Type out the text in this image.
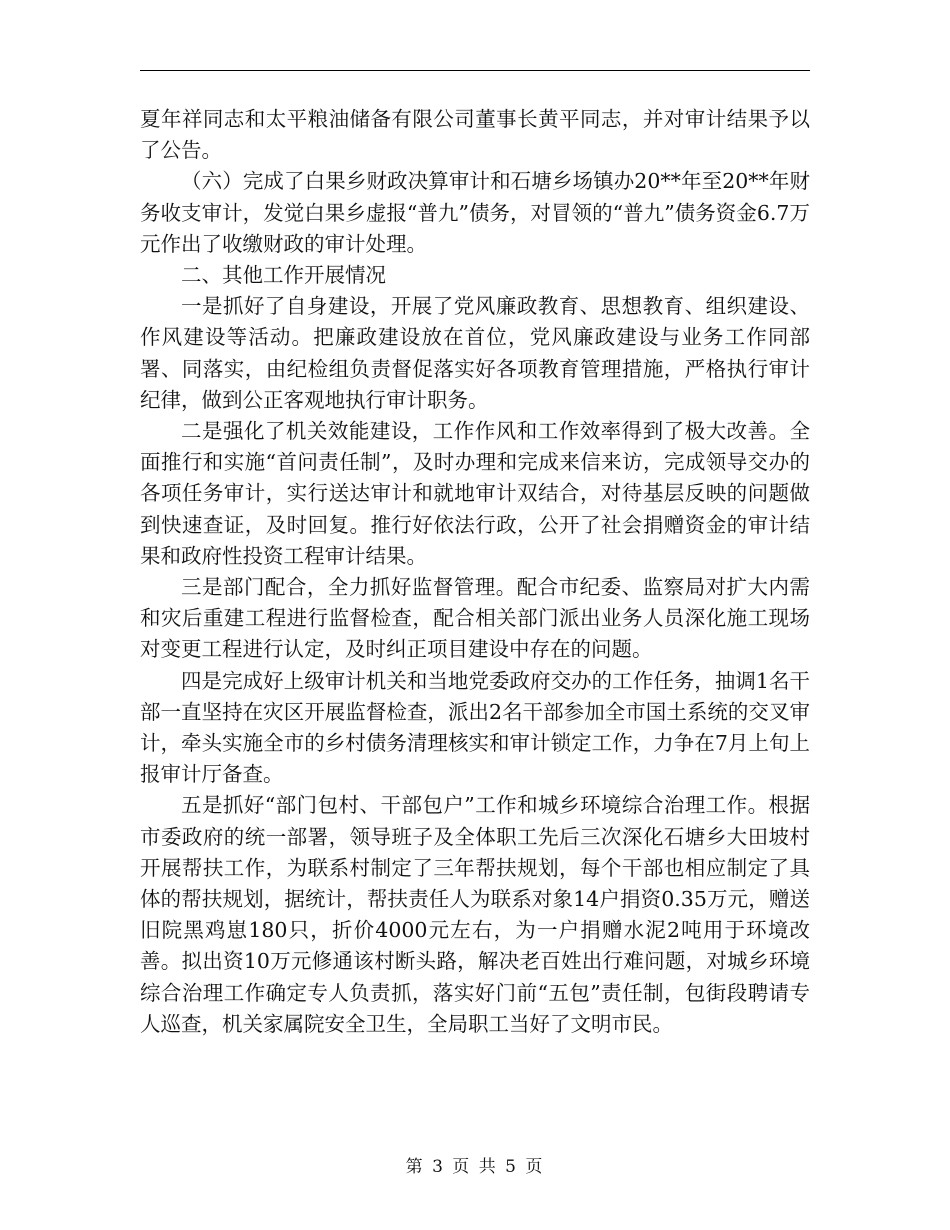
夏年祥同志和太平粮油储备有限公司董事长黄平同志，并对审计结果予以了公告。

（六）完成了白果乡财政决算审计和石塘乡场镇办20**年至20**年财务收支审计，发觉白果乡虚报“普九”债务，对冒领的“普九”债务资金6.7万元作出了收缴财政的审计处理。

二、其他工作开展情况

一是抓好了自身建设，开展了党风廉政教育、思想教育、组织建设、作风建设等活动。把廉政建设放在首位，党风廉政建设与业务工作同部署、同落实，由纪检组负责督促落实好各项教育管理措施，严格执行审计纪律，做到公正客观地执行审计职务。

二是强化了机关效能建设，工作作风和工作效率得到了极大改善。全面推行和实施“首问责任制”，及时办理和完成来信来访，完成领导交办的各项任务审计，实行送达审计和就地审计双结合，对待基层反映的问题做到快速查证，及时回复。推行好依法行政，公开了社会捐赠资金的审计结果和政府性投资工程审计结果。

三是部门配合，全力抓好监督管理。配合市纪委、监察局对扩大内需和灾后重建工程进行监督检查，配合相关部门派出业务人员深化施工现场对变更工程进行认定，及时纠正项目建设中存在的问题。

四是完成好上级审计机关和当地党委政府交办的工作任务，抽调1名干部一直坚持在灾区开展监督检查，派出2名干部参加全市国土系统的交叉审计，牵头实施全市的乡村债务清理核实和审计锁定工作，力争在7月上旬上报审计厅备查。

五是抓好“部门包村、干部包户”工作和城乡环境综合治理工作。根据市委政府的统一部署，领导班子及全体职工先后三次深化石塘乡大田坡村开展帮扶工作，为联系村制定了三年帮扶规划，每个干部也相应制定了具体的帮扶规划，据统计，帮扶责任人为联系对象14户捐资0.35万元，赠送旧院黑鸡崽180只，折价4000元左右，为一户捐赠水泥2吨用于环境改善。拟出资10万元修通该村断头路，解决老百姓出行难问题，对城乡环境综合治理工作确定专人负责抓，落实好门前“五包”责任制，包街段聘请专人巡查，机关家属院安全卫生，全局职工当好了文明市民。

第 3 页 共 5 页
